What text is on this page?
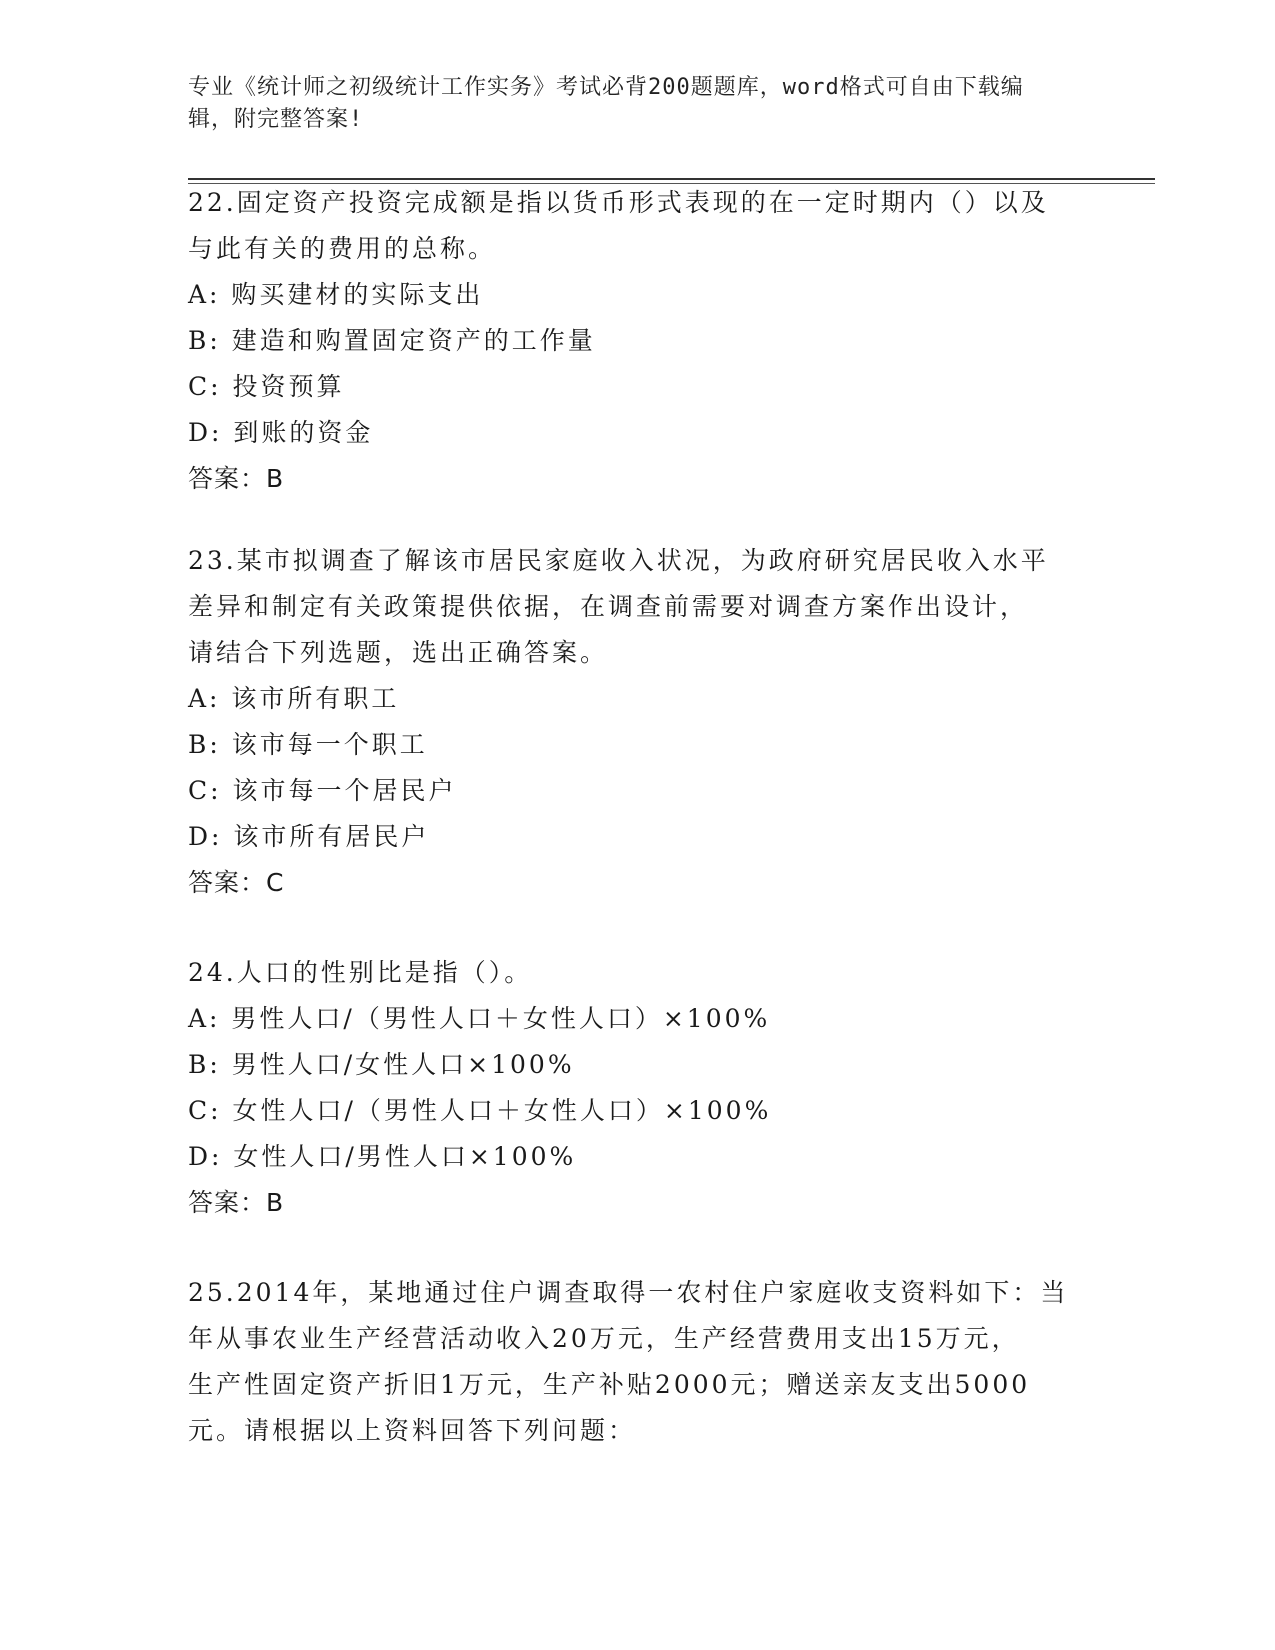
专业《统计师之初级统计工作实务》考试必背200题题库，word格式可自由下载编辑，附完整答案!
22.固定资产投资完成额是指以货币形式表现的在一定时期内（）以及
与此有关的费用的总称。
A: 购买建材的实际支出
B: 建造和购置固定资产的工作量
C: 投资预算
D: 到账的资金
答案：B
23.某市拟调查了解该市居民家庭收入状况，为政府研究居民收入水平
差异和制定有关政策提供依据，在调查前需要对调查方案作出设计，
请结合下列选题，选出正确答案。
A: 该市所有职工
B: 该市每一个职工
C: 该市每一个居民户
D: 该市所有居民户
答案：C
24.人口的性别比是指（）。
A: 男性人口/（男性人口＋女性人口）×100%
B: 男性人口/女性人口×100%
C: 女性人口/（男性人口＋女性人口）×100%
D: 女性人口/男性人口×100%
答案：B
25.2014年，某地通过住户调查取得一农村住户家庭收支资料如下：当
年从事农业生产经营活动收入20万元，生产经营费用支出15万元，
生产性固定资产折旧1万元，生产补贴2000元；赠送亲友支出5000
元。请根据以上资料回答下列问题：
